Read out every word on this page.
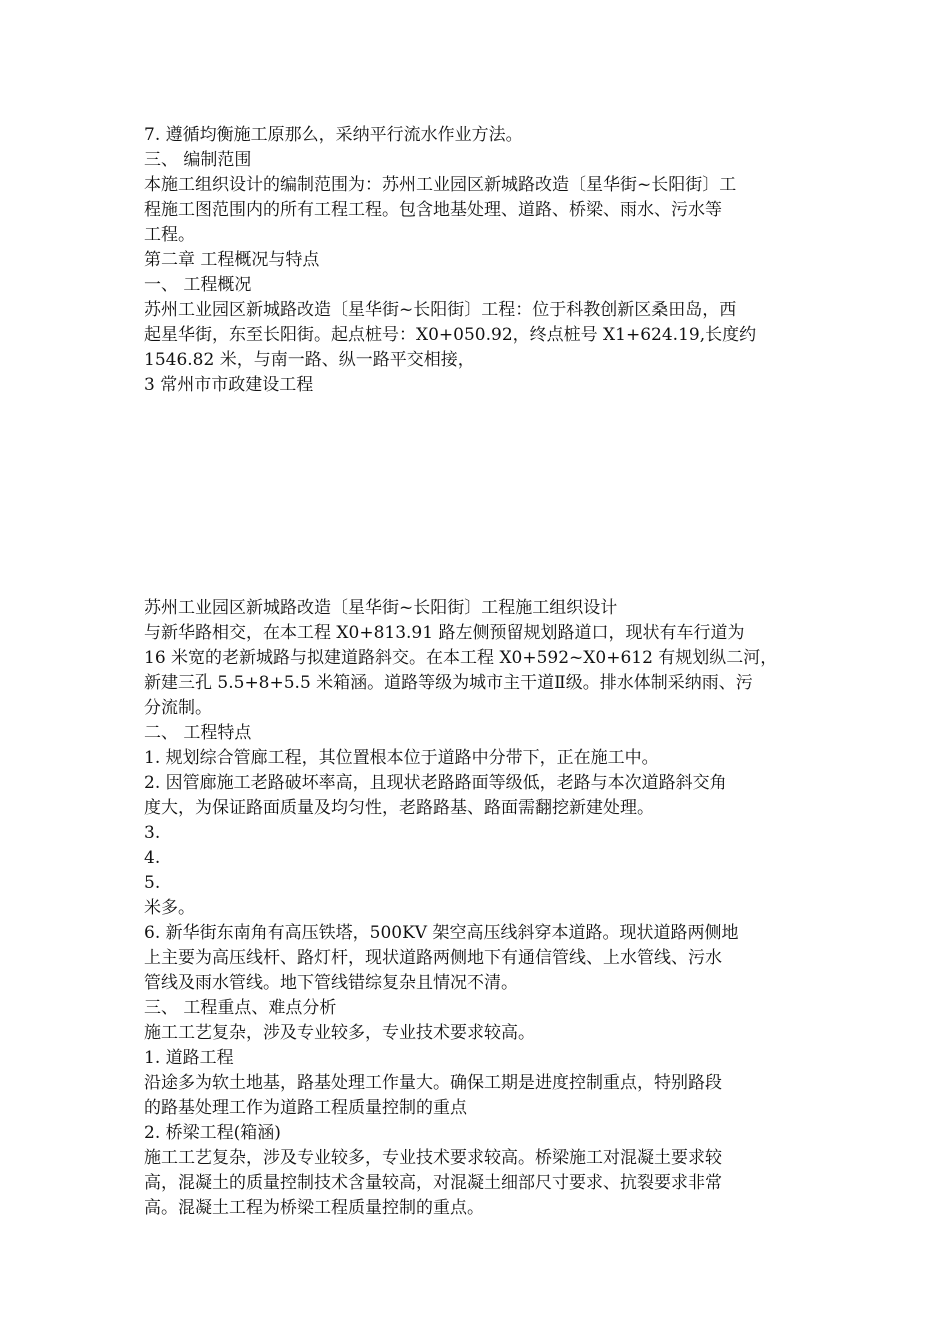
7. 遵循均衡施工原那么，采纳平行流水作业方法。
三、 编制范围
本施工组织设计的编制范围为：苏州工业园区新城路改造〔星华街~长阳街〕工
程施工图范围内的所有工程工程。包含地基处理、道路、桥梁、雨水、污水等
工程。
第二章 工程概况与特点
一、 工程概况
苏州工业园区新城路改造〔星华街~长阳街〕工程：位于科教创新区桑田岛，西
起星华街，东至长阳街。起点桩号：X0+050.92，终点桩号 X1+624.19,长度约
1546.82 米，与南一路、纵一路平交相接，
3 常州市市政建设工程
苏州工业园区新城路改造〔星华街~长阳街〕工程施工组织设计
与新华路相交，在本工程 X0+813.91 路左侧预留规划路道口，现状有车行道为
16 米宽的老新城路与拟建道路斜交。在本工程 X0+592~X0+612 有规划纵二河，
新建三孔 5.5+8+5.5 米箱涵。道路等级为城市主干道Ⅱ级。排水体制采纳雨、污
分流制。
二、 工程特点
1. 规划综合管廊工程，其位置根本位于道路中分带下，正在施工中。
2. 因管廊施工老路破坏率高，且现状老路路面等级低，老路与本次道路斜交角
度大，为保证路面质量及均匀性，老路路基、路面需翻挖新建处理。
3.
4.
5.
米多。
6. 新华街东南角有高压铁塔，500KV 架空高压线斜穿本道路。现状道路两侧地
上主要为高压线杆、路灯杆，现状道路两侧地下有通信管线、上水管线、污水
管线及雨水管线。地下管线错综复杂且情况不清。
三、 工程重点、难点分析
施工工艺复杂，涉及专业较多，专业技术要求较高。
1. 道路工程
沿途多为软土地基，路基处理工作量大。确保工期是进度控制重点，特别路段
的路基处理工作为道路工程质量控制的重点
2. 桥梁工程(箱涵)
施工工艺复杂，涉及专业较多，专业技术要求较高。桥梁施工对混凝土要求较
高，混凝土的质量控制技术含量较高，对混凝土细部尺寸要求、抗裂要求非常
高。混凝土工程为桥梁工程质量控制的重点。
